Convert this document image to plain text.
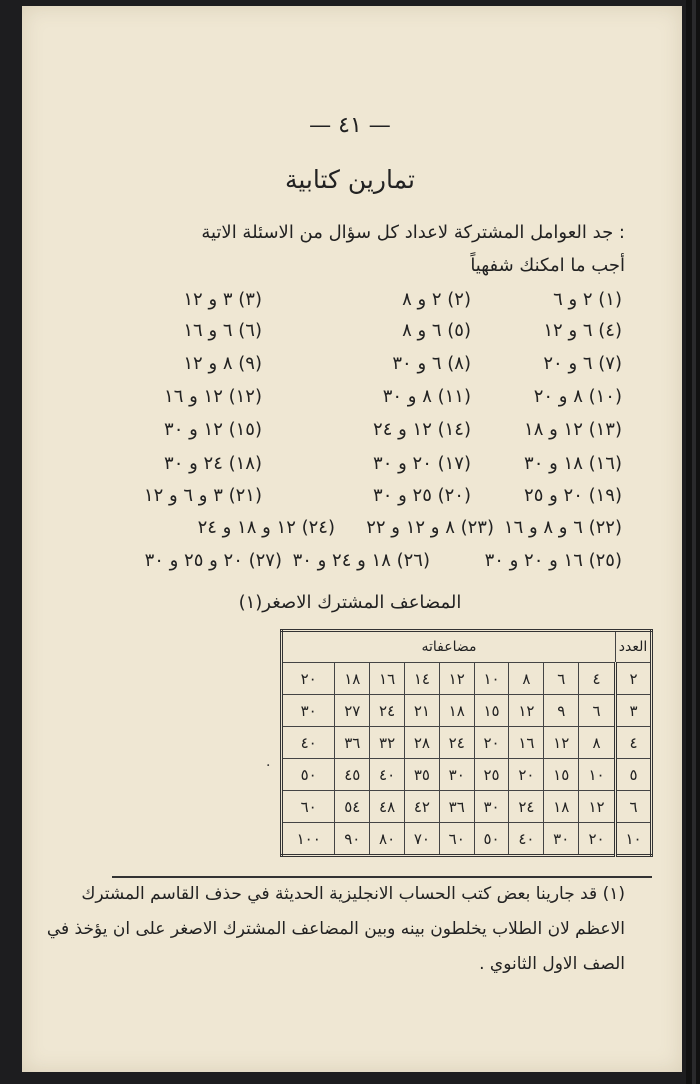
— ٤١ —
تمارين كتابية
جد العوامل المشتركة لاعداد كل سؤال من الاسئلة الاتية :
أجب ما امكنك شفهياً
(١) ٢ و ٦
(٢) ٢ و ٨
(٣) ٣ و ١٢
(٤) ٦ و ١٢
(٥) ٦ و ٨
(٦) ٦ و ١٦
(٧) ٦ و ٢٠
(٨) ٦ و ٣٠
(٩) ٨ و ١٢
(١٠) ٨ و ٢٠
(١١) ٨ و ٣٠
(١٢) ١٢ و ١٦
(١٣) ١٢ و ١٨
(١٤) ١٢ و ٢٤
(١٥) ١٢ و ٣٠
(١٦) ١٨ و ٣٠
(١٧) ٢٠ و ٣٠
(١٨) ٢٤ و ٣٠
(١٩) ٢٠ و ٢٥
(٢٠) ٢٥ و ٣٠
(٢١) ٣ و ٦ و ١٢
(٢٢) ٦ و ٨ و ١٦
(٢٣) ٨ و ١٢ و ٢٢
(٢٤) ١٢ و ١٨ و ٢٤
(٢٥) ١٦ و ٢٠ و ٣٠
(٢٦) ١٨ و ٢٤ و ٣٠
(٢٧) ٢٠ و ٢٥ و ٣٠
المضاعف المشترك الاصغر(١)
العدد	مضاعفاته								
٢	٤	٦	٨	١٠	١٢	١٤	١٦	١٨	٢٠
٣	٦	٩	١٢	١٥	١٨	٢١	٢٤	٢٧	٣٠
٤	٨	١٢	١٦	٢٠	٢٤	٢٨	٣٢	٣٦	٤٠
٥	١٠	١٥	٢٠	٢٥	٣٠	٣٥	٤٠	٤٥	٥٠
٦	١٢	١٨	٢٤	٣٠	٣٦	٤٢	٤٨	٥٤	٦٠
١٠	٢٠	٣٠	٤٠	٥٠	٦٠	٧٠	٨٠	٩٠	١٠٠
·
(١) قد جارينا بعض كتب الحساب الانجليزية الحديثة في حذف القاسم المشترك
الاعظم لان الطلاب يخلطون بينه وبين المضاعف المشترك الاصغر على ان يؤخذ في
الصف الاول الثانوي .
